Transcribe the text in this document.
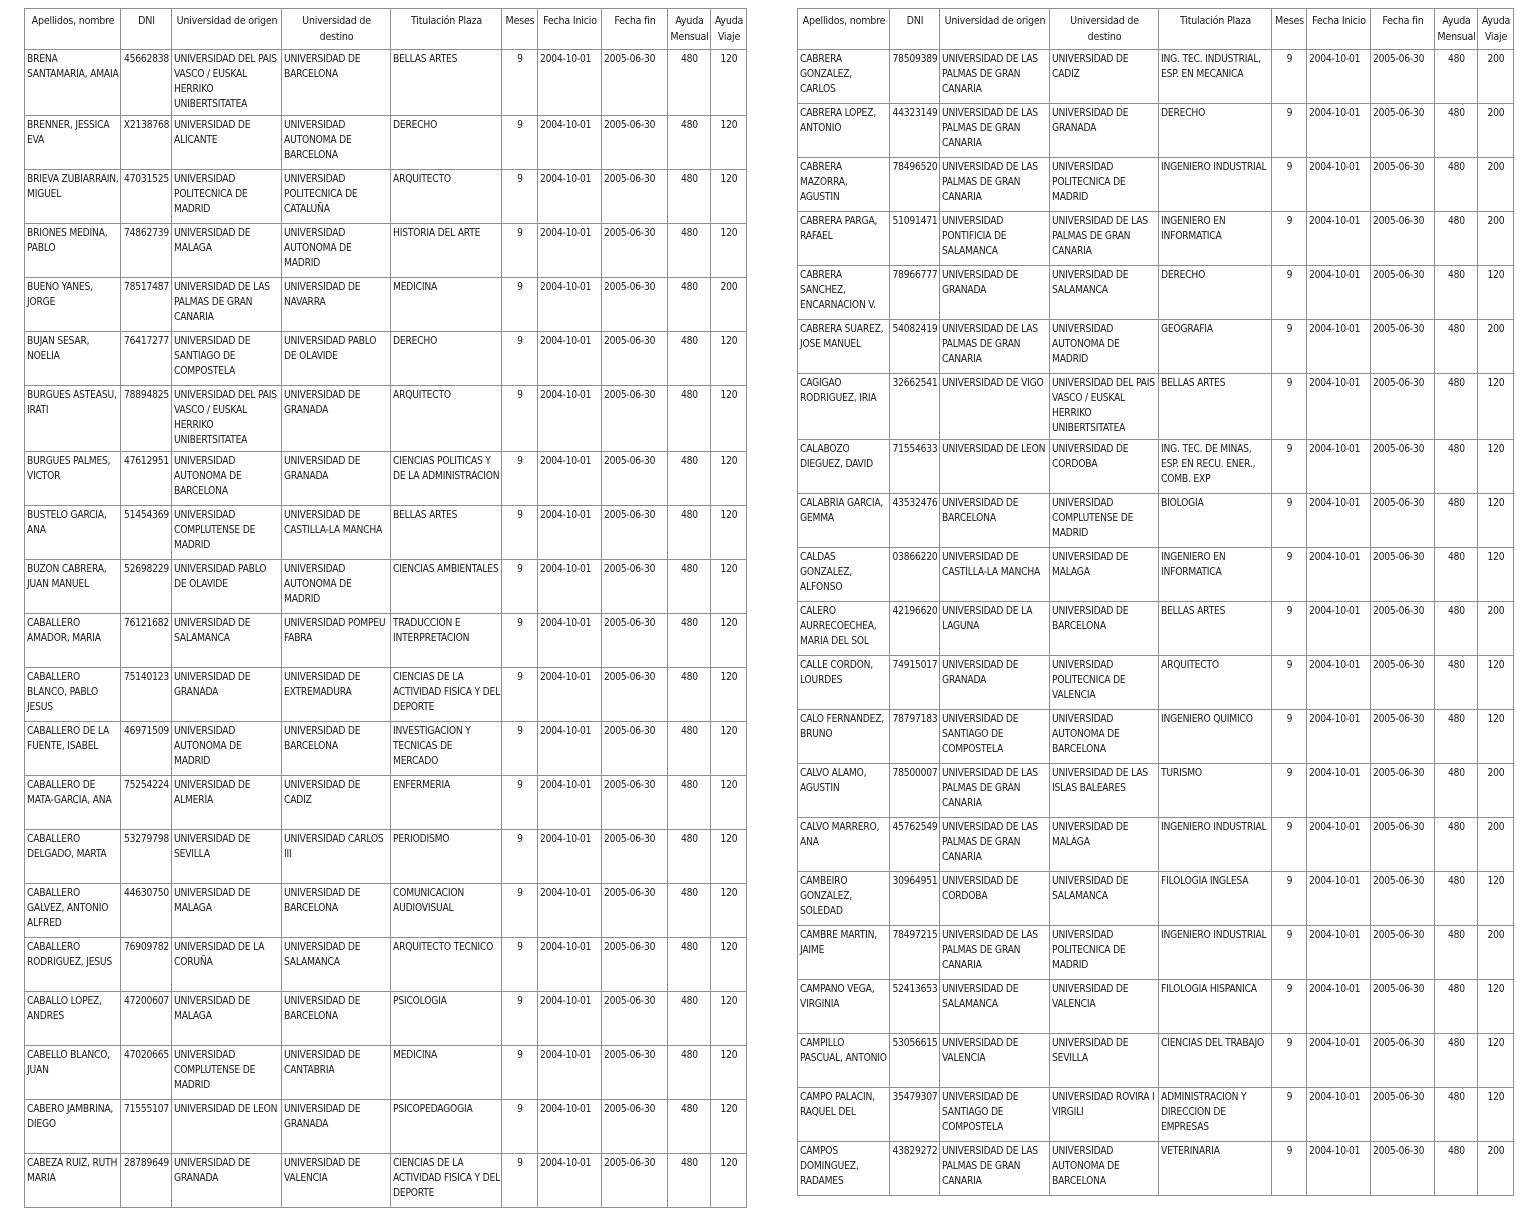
Apellidos, nombre	DNI	Universidad de origen	Universidad de destino	Titulación Plaza	Meses	Fecha Inicio	Fecha fin	Ayuda Mensual	Ayuda Viaje
BRENA SANTAMARIA, AMAIA	45662838	UNIVERSIDAD DEL PAIS VASCO / EUSKAL HERRIKO UNIBERTSITATEA	UNIVERSIDAD DE BARCELONA	BELLAS ARTES	9	2004-10-01	2005-06-30	480	120
BRENNER, JESSICA EVA	X2138768	UNIVERSIDAD DE ALICANTE	UNIVERSIDAD AUTONOMA DE BARCELONA	DERECHO	9	2004-10-01	2005-06-30	480	120
BRIEVA ZUBIARRAIN, MIGUEL	47031525	UNIVERSIDAD POLITECNICA DE MADRID	UNIVERSIDAD POLITECNICA DE CATALUÑA	ARQUITECTO	9	2004-10-01	2005-06-30	480	120
BRIONES MEDINA, PABLO	74862739	UNIVERSIDAD DE MALAGA	UNIVERSIDAD AUTONOMA DE MADRID	HISTORIA DEL ARTE	9	2004-10-01	2005-06-30	480	120
BUENO YANES, JORGE	78517487	UNIVERSIDAD DE LAS PALMAS DE GRAN CANARIA	UNIVERSIDAD DE NAVARRA	MEDICINA	9	2004-10-01	2005-06-30	480	200
BUJAN SESAR, NOELIA	76417277	UNIVERSIDAD DE SANTIAGO DE COMPOSTELA	UNIVERSIDAD PABLO DE OLAVIDE	DERECHO	9	2004-10-01	2005-06-30	480	120
BURGUES ASTEASU, IRATI	78894825	UNIVERSIDAD DEL PAIS VASCO / EUSKAL HERRIKO UNIBERTSITATEA	UNIVERSIDAD DE GRANADA	ARQUITECTO	9	2004-10-01	2005-06-30	480	120
BURGUES PALMES, VICTOR	47612951	UNIVERSIDAD AUTONOMA DE BARCELONA	UNIVERSIDAD DE GRANADA	CIENCIAS POLITICAS Y DE LA ADMINISTRACION	9	2004-10-01	2005-06-30	480	120
BUSTELO GARCIA, ANA	51454369	UNIVERSIDAD COMPLUTENSE DE MADRID	UNIVERSIDAD DE CASTILLA-LA MANCHA	BELLAS ARTES	9	2004-10-01	2005-06-30	480	120
BUZON CABRERA, JUAN MANUEL	52698229	UNIVERSIDAD PABLO DE OLAVIDE	UNIVERSIDAD AUTONOMA DE MADRID	CIENCIAS AMBIENTALES	9	2004-10-01	2005-06-30	480	120
CABALLERO AMADOR, MARIA	76121682	UNIVERSIDAD DE SALAMANCA	UNIVERSIDAD POMPEU FABRA	TRADUCCION E INTERPRETACION	9	2004-10-01	2005-06-30	480	120
CABALLERO BLANCO, PABLO JESUS	75140123	UNIVERSIDAD DE GRANADA	UNIVERSIDAD DE EXTREMADURA	CIENCIAS DE LA ACTIVIDAD FISICA Y DEL DEPORTE	9	2004-10-01	2005-06-30	480	120
CABALLERO DE LA FUENTE, ISABEL	46971509	UNIVERSIDAD AUTONOMA DE MADRID	UNIVERSIDAD DE BARCELONA	INVESTIGACION Y TECNICAS DE MERCADO	9	2004-10-01	2005-06-30	480	120
CABALLERO DE MATA-GARCIA, ANA	75254224	UNIVERSIDAD DE ALMERIA	UNIVERSIDAD DE CADIZ	ENFERMERIA	9	2004-10-01	2005-06-30	480	120
CABALLERO DELGADO, MARTA	53279798	UNIVERSIDAD DE SEVILLA	UNIVERSIDAD CARLOS III	PERIODISMO	9	2004-10-01	2005-06-30	480	120
CABALLERO GALVEZ, ANTONIO ALFRED	44630750	UNIVERSIDAD DE MALAGA	UNIVERSIDAD DE BARCELONA	COMUNICACION AUDIOVISUAL	9	2004-10-01	2005-06-30	480	120
CABALLERO RODRIGUEZ, JESUS	76909782	UNIVERSIDAD DE LA CORUÑA	UNIVERSIDAD DE SALAMANCA	ARQUITECTO TECNICO	9	2004-10-01	2005-06-30	480	120
CABALLO LOPEZ, ANDRES	47200607	UNIVERSIDAD DE MALAGA	UNIVERSIDAD DE BARCELONA	PSICOLOGIA	9	2004-10-01	2005-06-30	480	120
CABELLO BLANCO, JUAN	47020665	UNIVERSIDAD COMPLUTENSE DE MADRID	UNIVERSIDAD DE CANTABRIA	MEDICINA	9	2004-10-01	2005-06-30	480	120
CABERO JAMBRINA, DIEGO	71555107	UNIVERSIDAD DE LEON	UNIVERSIDAD DE GRANADA	PSICOPEDAGOGIA	9	2004-10-01	2005-06-30	480	120
CABEZA RUIZ, RUTH MARIA	28789649	UNIVERSIDAD DE GRANADA	UNIVERSIDAD DE VALENCIA	CIENCIAS DE LA ACTIVIDAD FISICA Y DEL DEPORTE	9	2004-10-01	2005-06-30	480	120
Apellidos, nombre	DNI	Universidad de origen	Universidad de destino	Titulación Plaza	Meses	Fecha Inicio	Fecha fin	Ayuda Mensual	Ayuda Viaje
CABRERA GONZALEZ, CARLOS	78509389	UNIVERSIDAD DE LAS PALMAS DE GRAN CANARIA	UNIVERSIDAD DE CADIZ	ING. TEC. INDUSTRIAL, ESP. EN MECANICA	9	2004-10-01	2005-06-30	480	200
CABRERA LOPEZ, ANTONIO	44323149	UNIVERSIDAD DE LAS PALMAS DE GRAN CANARIA	UNIVERSIDAD DE GRANADA	DERECHO	9	2004-10-01	2005-06-30	480	200
CABRERA MAZORRA, AGUSTIN	78496520	UNIVERSIDAD DE LAS PALMAS DE GRAN CANARIA	UNIVERSIDAD POLITECNICA DE MADRID	INGENIERO INDUSTRIAL	9	2004-10-01	2005-06-30	480	200
CABRERA PARGA, RAFAEL	51091471	UNIVERSIDAD PONTIFICIA DE SALAMANCA	UNIVERSIDAD DE LAS PALMAS DE GRAN CANARIA	INGENIERO EN INFORMATICA	9	2004-10-01	2005-06-30	480	200
CABRERA SANCHEZ, ENCARNACION V.	78966777	UNIVERSIDAD DE GRANADA	UNIVERSIDAD DE SALAMANCA	DERECHO	9	2004-10-01	2005-06-30	480	120
CABRERA SUAREZ, JOSE MANUEL	54082419	UNIVERSIDAD DE LAS PALMAS DE GRAN CANARIA	UNIVERSIDAD AUTONOMA DE MADRID	GEOGRAFIA	9	2004-10-01	2005-06-30	480	200
CAGIGAO RODRIGUEZ, IRIA	32662541	UNIVERSIDAD DE VIGO	UNIVERSIDAD DEL PAIS VASCO / EUSKAL HERRIKO UNIBERTSITATEA	BELLAS ARTES	9	2004-10-01	2005-06-30	480	120
CALABOZO DIEGUEZ, DAVID	71554633	UNIVERSIDAD DE LEON	UNIVERSIDAD DE CORDOBA	ING. TEC. DE MINAS, ESP. EN RECU. ENER., COMB. EXP	9	2004-10-01	2005-06-30	480	120
CALABRIA GARCIA, GEMMA	43532476	UNIVERSIDAD DE BARCELONA	UNIVERSIDAD COMPLUTENSE DE MADRID	BIOLOGIA	9	2004-10-01	2005-06-30	480	120
CALDAS GONZALEZ, ALFONSO	03866220	UNIVERSIDAD DE CASTILLA-LA MANCHA	UNIVERSIDAD DE MALAGA	INGENIERO EN INFORMATICA	9	2004-10-01	2005-06-30	480	120
CALERO AURRECOECHEA, MARIA DEL SOL	42196620	UNIVERSIDAD DE LA LAGUNA	UNIVERSIDAD DE BARCELONA	BELLAS ARTES	9	2004-10-01	2005-06-30	480	200
CALLE CORDON, LOURDES	74915017	UNIVERSIDAD DE GRANADA	UNIVERSIDAD POLITECNICA DE VALENCIA	ARQUITECTO	9	2004-10-01	2005-06-30	480	120
CALO FERNANDEZ, BRUNO	78797183	UNIVERSIDAD DE SANTIAGO DE COMPOSTELA	UNIVERSIDAD AUTONOMA DE BARCELONA	INGENIERO QUIMICO	9	2004-10-01	2005-06-30	480	120
CALVO ALAMO, AGUSTIN	78500007	UNIVERSIDAD DE LAS PALMAS DE GRAN CANARIA	UNIVERSIDAD DE LAS ISLAS BALEARES	TURISMO	9	2004-10-01	2005-06-30	480	200
CALVO MARRERO, ANA	45762549	UNIVERSIDAD DE LAS PALMAS DE GRAN CANARIA	UNIVERSIDAD DE MALAGA	INGENIERO INDUSTRIAL	9	2004-10-01	2005-06-30	480	200
CAMBEIRO GONZALEZ, SOLEDAD	30964951	UNIVERSIDAD DE CORDOBA	UNIVERSIDAD DE SALAMANCA	FILOLOGIA INGLESA	9	2004-10-01	2005-06-30	480	120
CAMBRE MARTIN, JAIME	78497215	UNIVERSIDAD DE LAS PALMAS DE GRAN CANARIA	UNIVERSIDAD POLITECNICA DE MADRID	INGENIERO INDUSTRIAL	9	2004-10-01	2005-06-30	480	200
CAMPANO VEGA, VIRGINIA	52413653	UNIVERSIDAD DE SALAMANCA	UNIVERSIDAD DE VALENCIA	FILOLOGIA HISPANICA	9	2004-10-01	2005-06-30	480	120
CAMPILLO PASCUAL, ANTONIO	53056615	UNIVERSIDAD DE VALENCIA	UNIVERSIDAD DE SEVILLA	CIENCIAS DEL TRABAJO	9	2004-10-01	2005-06-30	480	120
CAMPO PALACIN, RAQUEL DEL	35479307	UNIVERSIDAD DE SANTIAGO DE COMPOSTELA	UNIVERSIDAD ROVIRA I VIRGILI	ADMINISTRACION Y DIRECCION DE EMPRESAS	9	2004-10-01	2005-06-30	480	120
CAMPOS DOMINGUEZ, RADAMES	43829272	UNIVERSIDAD DE LAS PALMAS DE GRAN CANARIA	UNIVERSIDAD AUTONOMA DE BARCELONA	VETERINARIA	9	2004-10-01	2005-06-30	480	200
